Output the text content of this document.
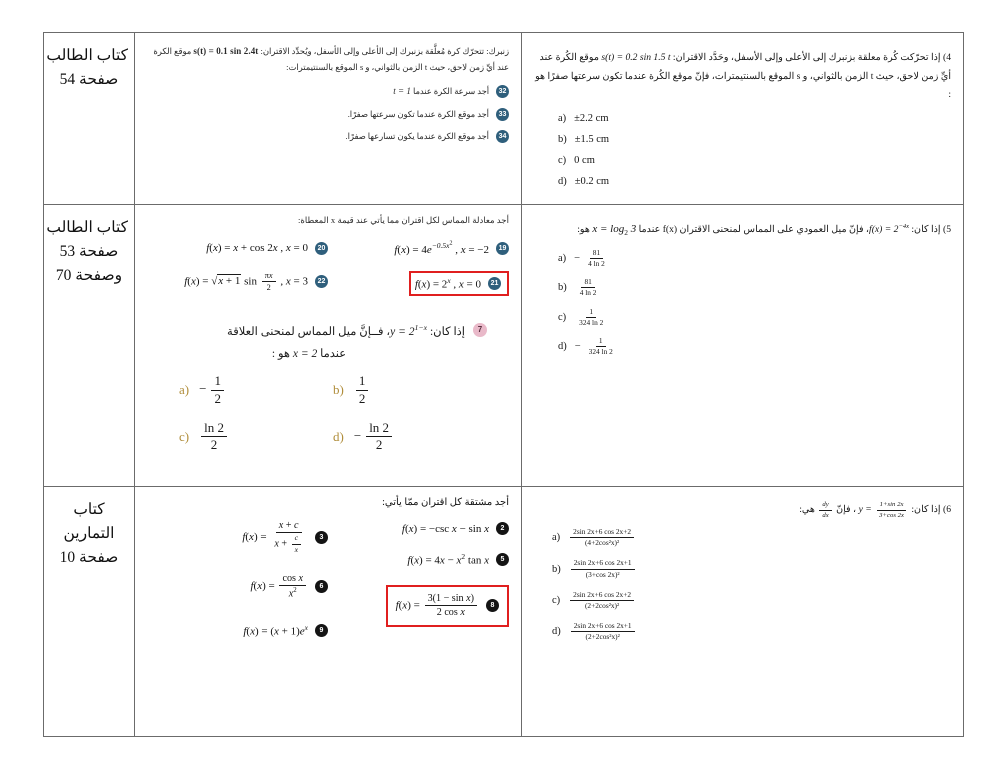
كتاب الطالب
صفحة 54

زنبرك: تتحرّك كرة مُعلَّقة بزنبرك إلى الأعلى وإلى الأسفل، ويُحدِّد الاقتران: s(t) = 0.1 sin 2.4t موقع الكرة عند أيِّ زمن لاحق، حيث t الزمن بالثواني، و s الموقع بالسنتيمترات:
32
أجد سرعة الكرة عندما t = 1
33
أجد موقع الكرة عندما تكون سرعتها صفرًا.
34
أجد موقع الكرة عندما يكون تسارعها صفرًا.

4) إذا تحرّكت كُرة معلقة بزنبرك إلى الأعلى وإلى الأسفل، وحَدَّد الاقتران: s(t) = 0.2 sin 1.5 t موقع الكُرة عند أيِّ زمن لاحق، حيث t الزمن بالثواني، و s الموقع بالسنتيمترات، فإنّ موقع الكُرة عندما تكون سرعتها صفرًا هو :
a) ±2.2 cm
b) ±1.5 cm
c) 0 cm
d) ±0.2 cm

كتاب الطالب
صفحة 53
وصفحة 70

أجد معادلة المماس لكل اقتران مما يأتي عند قيمة x المعطاة:
19
$f(x) = 4e^{-0.5x^2}$ , x = −2
21
$f(x) = 2^x$ , x = 0
20
f(x) = x + cos 2x , x = 0
22
f(x) = √x + 1 $\sin \frac{\pi x}{2}$ , x = 3
7
إذا كان: $y = 2^{1-x}،$ فــإنَّ ميل المماس لمنحنى العلاقة
عندما x = 2 هو :
$a) - \frac{1}{2}$	$b) \frac{1}{2}$
$c) \frac{\ln 2}{2}$	$d) - \frac{\ln 2}{2}$

5) إذا كان: $f(x) = 2^{-4x}،$ فإنّ ميل العمودي على المماس لمنحنى الاقتران f(x) عندما $x = \log_2 3$ هو:
$a) - \frac{81}{4 \ln 2}$
$b) \frac{81}{4 \ln 2}$
$c) \frac{1}{324 \ln 2}$
$d) - \frac{1}{324 \ln 2}$

كتاب
التمارين
صفحة 10

أجد مشتقة كل اقتران ممّا يأتي:
2
f(x) = −csc x − sin x
5
$f(x) = 4x - x^2$ tan x
8
$f(x) = \frac{\text{3(1 − sin x)}}{\text{2 cos x}}$
3
$f(x) = \frac{x + c}{x + \frac{c}{x}}$
6
$f(x) = \frac{\text{cos x}}{x^2}$
9
$f(x) = (x + 1)e^x$

6) إذا كان: $y = \frac{1+\sin 2x}{3+\cos 2x}$
، فإنّ
$\frac{dy}{dx}$
هي:
$a) \frac{2\sin 2x+6 \cos 2x+2}{\text{(4+2cos²x)²}}$
$b) \frac{2\sin 2x+6 \cos 2x+1}{\text{(3+cos 2x)²}}$
$c) \frac{2\sin 2x+6 \cos 2x+2}{\text{(2+2cos²x)²}}$
$d) \frac{2\sin 2x+6 \cos 2x+1}{\text{(2+2cos²x)²}}$
